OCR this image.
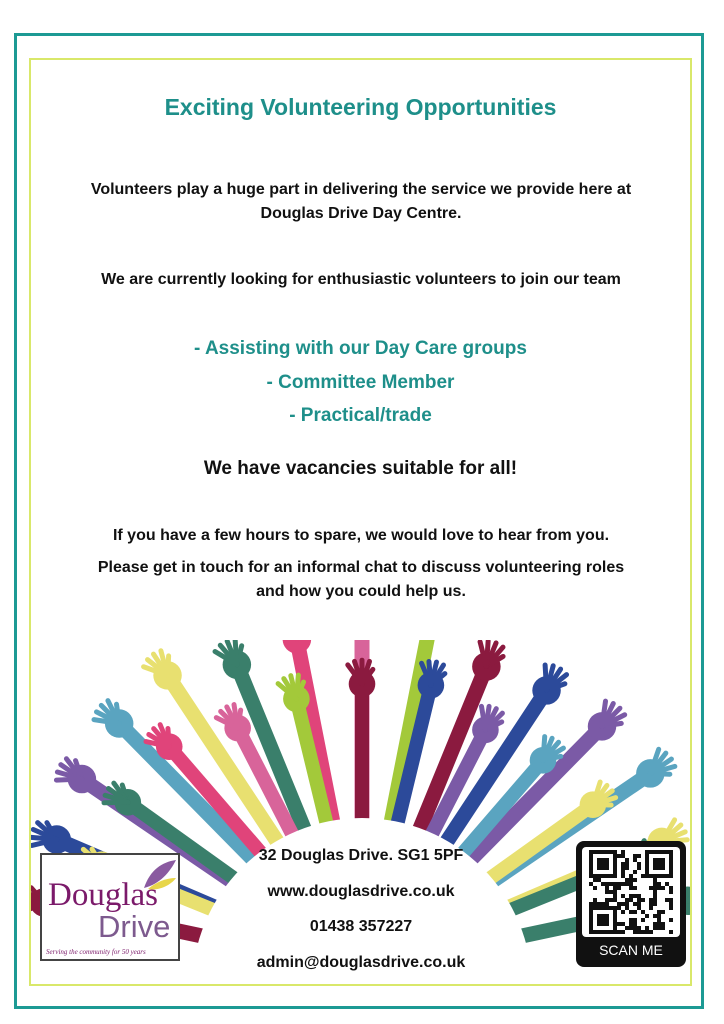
Exciting Volunteering Opportunities

Volunteers play a huge part in delivering the service we provide here at
Douglas Drive Day Centre.

We are currently looking for enthusiastic volunteers to join our team

- Assisting with our Day Care groups
- Committee Member
- Practical/trade

We have vacancies suitable for all!

If you have a few hours to spare, we would love to hear from you.

Please get in touch for an informal chat to discuss volunteering roles
and how you could help us.

32 Douglas Drive. SG1 5PF
www.douglasdrive.co.uk
01438 357227
admin@douglasdrive.co.uk
Douglas
Drive
Serving the community for 50 years	SCAN ME
